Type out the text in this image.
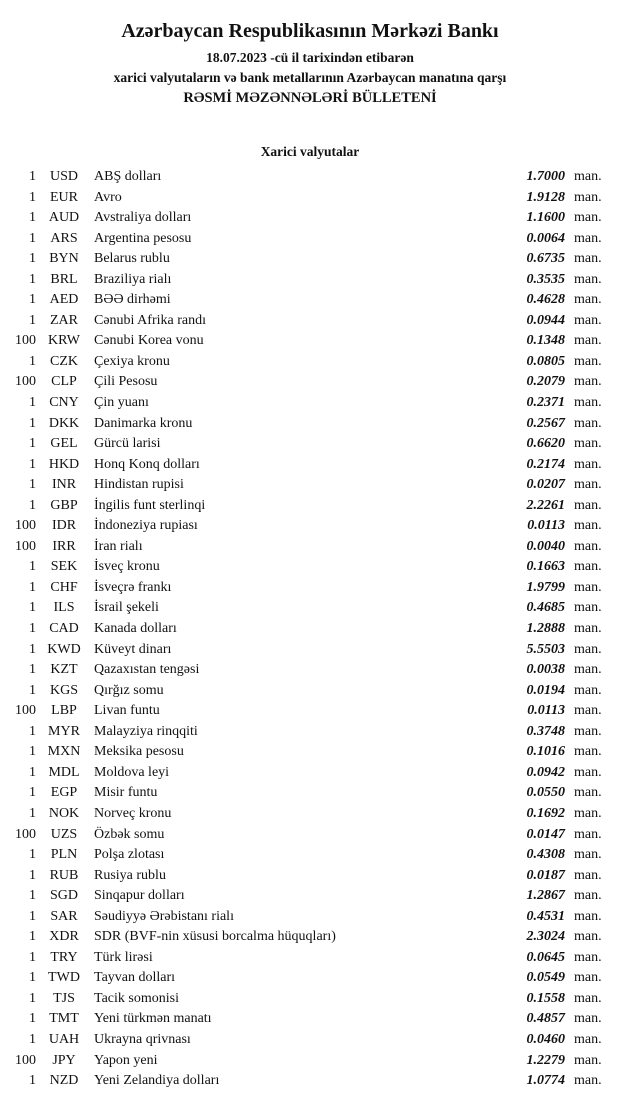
Azərbaycan Respublikasının Mərkəzi Bankı
18.07.2023 -cü il tarixindən etibarən
xarici valyutaların və bank metallarının Azərbaycan manatına qarşı
RƏSMİ MƏZƏNNƏLƏRİ BÜLLETENİ
Xarici valyutalar
1 USD	ABŞ dolları	1.7000 man.
1	EUR	Avro	1.9128 man.
1 AUD	Avstraliya dolları	1.1600 man.
1	ARS	Argentina pesosu	0.0064 man.
1 BYN	Belarus rublu	0.6735 man.
1	BRL	Braziliya rialı	0.3535 man.
1 AED	BƏƏ dirhəmi	0.4628 man.
1	ZAR	Cənubi Afrika randı	0.0944 man.
100 KRW	Cənubi Korea vonu	0.1348 man.
1	CZK	Çexiya kronu	0.0805 man.
100	CLP	Çili Pesosu	0.2079 man.
1 CNY	Çin yuanı	0.2371 man.
1 DKK	Danimarka kronu	0.2567 man.
1	GEL	Gürcü larisi	0.6620 man.
1 HKD	Honq Konq dolları	0.2174 man.
1	INR	Hindistan rupisi	0.0207 man.
1	GBP	İngilis funt sterlinqi	2.2261 man.
100	IDR	İndoneziya rupiası	0.0113 man.
100	IRR	İran rialı	0.0040 man.
1	SEK	İsveç kronu	0.1663 man.
1	CHF	İsveçrə frankı	1.9799 man.
1	ILS	İsrail şekeli	0.4685 man.
1 CAD	Kanada dolları	1.2888 man.
1 KWD Küveyt dinarı	5.5503 man.
1	KZT	Qazaxıstan tengəsi	0.0038 man.
1 KGS	Qırğız somu	0.0194 man.
100	LBP	Livan funtu	0.0113 man.
1 MYR	Malayziya rinqqiti	0.3748 man.
1 MXN Meksika pesosu	0.1016 man.
1 MDL	Moldova leyi	0.0942 man.
1	EGP	Misir funtu	0.0550 man.
1 NOK	Norveç kronu	0.1692 man.
100	UZS	Özbək somu	0.0147 man.
1	PLN	Polşa zlotası	0.4308 man.
1 RUB	Rusiya rublu	0.0187 man.
1 SGD	Sinqapur dolları	1.2867 man.
1	SAR	Səudiyyə Ərəbistanı rialı	0.4531 man.
1 XDR	SDR (BVF-nin xüsusi borcalma hüquqları)	2.3024 man.
1	TRY	Türk lirəsi	0.0645 man.
1 TWD	Tayvan dolları	0.0549 man.
1	TJS	Tacik somonisi	0.1558 man.
1 TMT	Yeni türkmən manatı	0.4857 man.
1 UAH	Ukrayna qrivnası	0.0460 man.
100	JPY	Yapon yeni	1.2279 man.
1 NZD	Yeni Zelandiya dolları	1.0774 man.
